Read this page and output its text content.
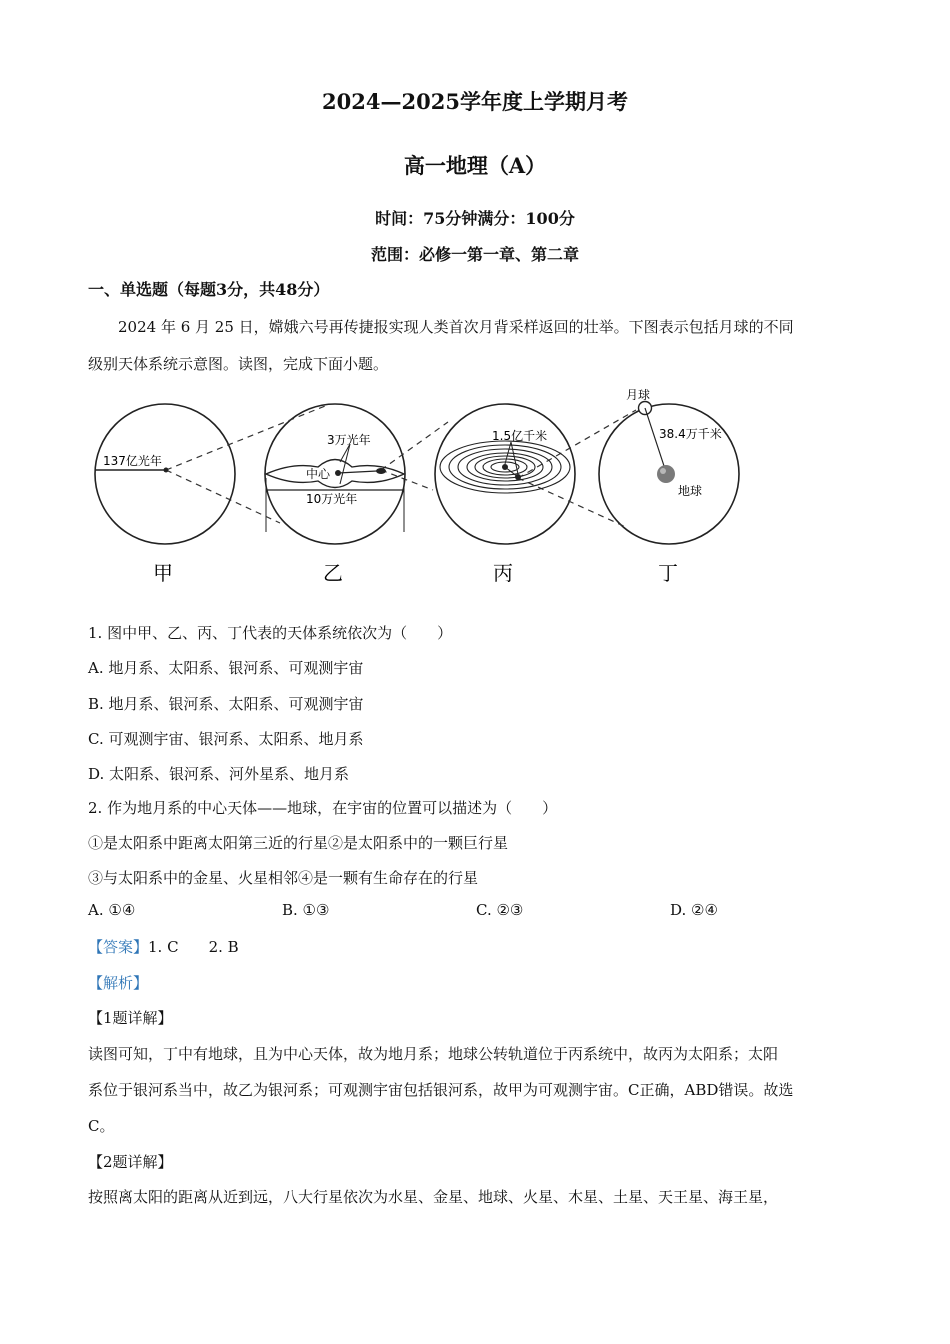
2024—2025学年度上学期月考
高一地理（A）
时间：75分钟满分：100分
范围：必修一第一章、第二章
一、单选题（每题3分，共48分）
2024 年 6 月 25 日，嫦娥六号再传捷报实现人类首次月背采样返回的壮举。下图表示包括月球的不同
级别天体系统示意图。读图，完成下面小题。
137亿光年
3万光年
中心
10万光年
1.5亿千米
月球
38.4万千米
地球
甲	乙	丙	丁
1. 图中甲、乙、丙、丁代表的天体系统依次为（　　）
A. 地月系、太阳系、银河系、可观测宇宙
B. 地月系、银河系、太阳系、可观测宇宙
C. 可观测宇宙、银河系、太阳系、地月系
D. 太阳系、银河系、河外星系、地月系
2. 作为地月系的中心天体——地球，在宇宙的位置可以描述为（　　）
①是太阳系中距离太阳第三近的行星②是太阳系中的一颗巨行星
③与太阳系中的金星、火星相邻④是一颗有生命存在的行星
A. ①④	B. ①③	C. ②③	D. ②④
【答案】1. C　　2. B
【解析】
【1题详解】
读图可知，丁中有地球，且为中心天体，故为地月系；地球公转轨道位于丙系统中，故丙为太阳系；太阳
系位于银河系当中，故乙为银河系；可观测宇宙包括银河系，故甲为可观测宇宙。C正确，ABD错误。故选
C。
【2题详解】
按照离太阳的距离从近到远，八大行星依次为水星、金星、地球、火星、木星、土星、天王星、海王星，
